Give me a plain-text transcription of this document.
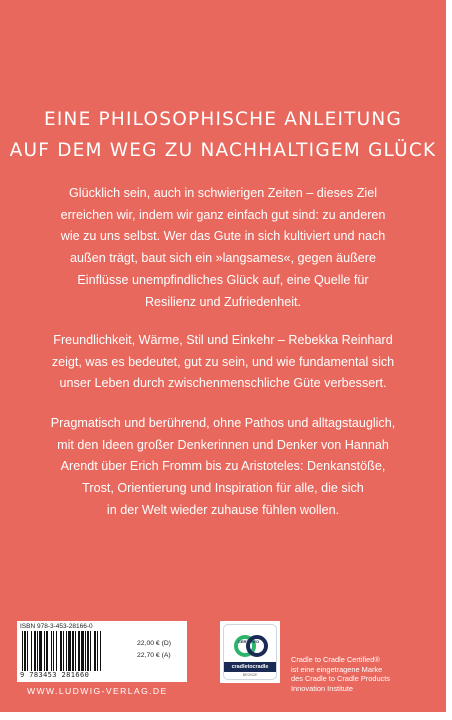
EINE PHILOSOPHISCHE ANLEITUNG
AUF DEM WEG ZU NACHHALTIGEM GLÜCK
Glücklich sein, auch in schwierigen Zeiten – dieses Ziel
erreichen wir, indem wir ganz einfach gut sind: zu anderen
wie zu uns selbst. Wer das Gute in sich kultiviert und nach
außen trägt, baut sich ein »langsames«, gegen äußere
Einflüsse unempfindliches Glück auf, eine Quelle für
Resilienz und Zufriedenheit.
Freundlichkeit, Wärme, Stil und Einkehr – Rebekka Reinhard
zeigt, was es bedeutet, gut zu sein, und wie fundamental sich
unser Leben durch zwischenmenschliche Güte verbessert.
Pragmatisch und berührend, ohne Pathos und alltagstauglich,
mit den Ideen großer Denkerinnen und Denker von Hannah
Arendt über Erich Fromm bis zu Aristoteles: Denkanstöße,
Trost, Orientierung und Inspiration für alle, die sich
in der Welt wieder zuhause fühlen wollen.
ISBN 978-3-453-28166-0
9 783453 281660
22,00 € (D)
22,70 € (A)
WWW.LUDWIG-VERLAG.DE
CERTIFIED
cradletocradle
BRONZE
Cradle to Cradle Certified®
ist eine eingetragene Marke
des Cradle to Cradle Products
Innovation Institute
